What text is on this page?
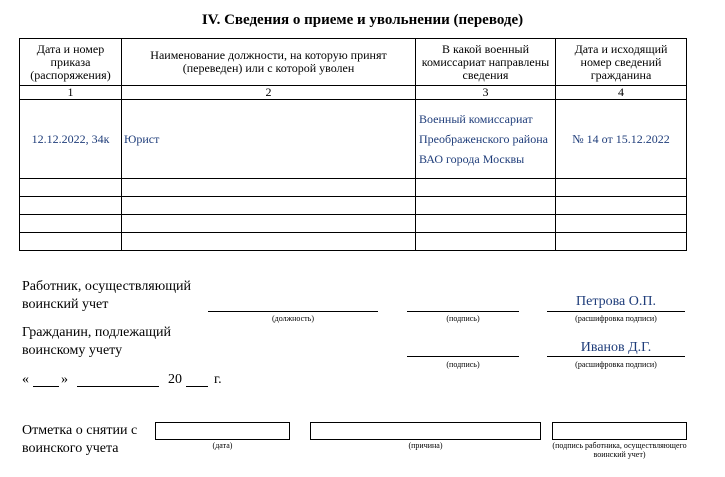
IV. Сведения о приеме и увольнении (переводе)
Дата и номер приказа (распоряжения)	Наименование должности, на которую принят (переведен) или с которой уволен	В какой военный комиссариат направлены сведения	Дата и исходящий номер сведений гражданина
1	2	3	4
12.12.2022, 34к	Юрист	Военный комиссариат Преображенского района ВАО города Москвы	№ 14 от 15.12.2022

Работник, осуществляющий воинский учет
(должность)	(подпись)
Петрова О.П.
(расшифровка подписи)
Гражданин, подлежащий воинскому учету
(подпись)
Иванов Д.Г.
(расшифровка подписи)
« »	20 г.
Отметка о снятии с воинского учета	(дата)	(причина)	(подпись работника, осуществляющего воинский учет)
